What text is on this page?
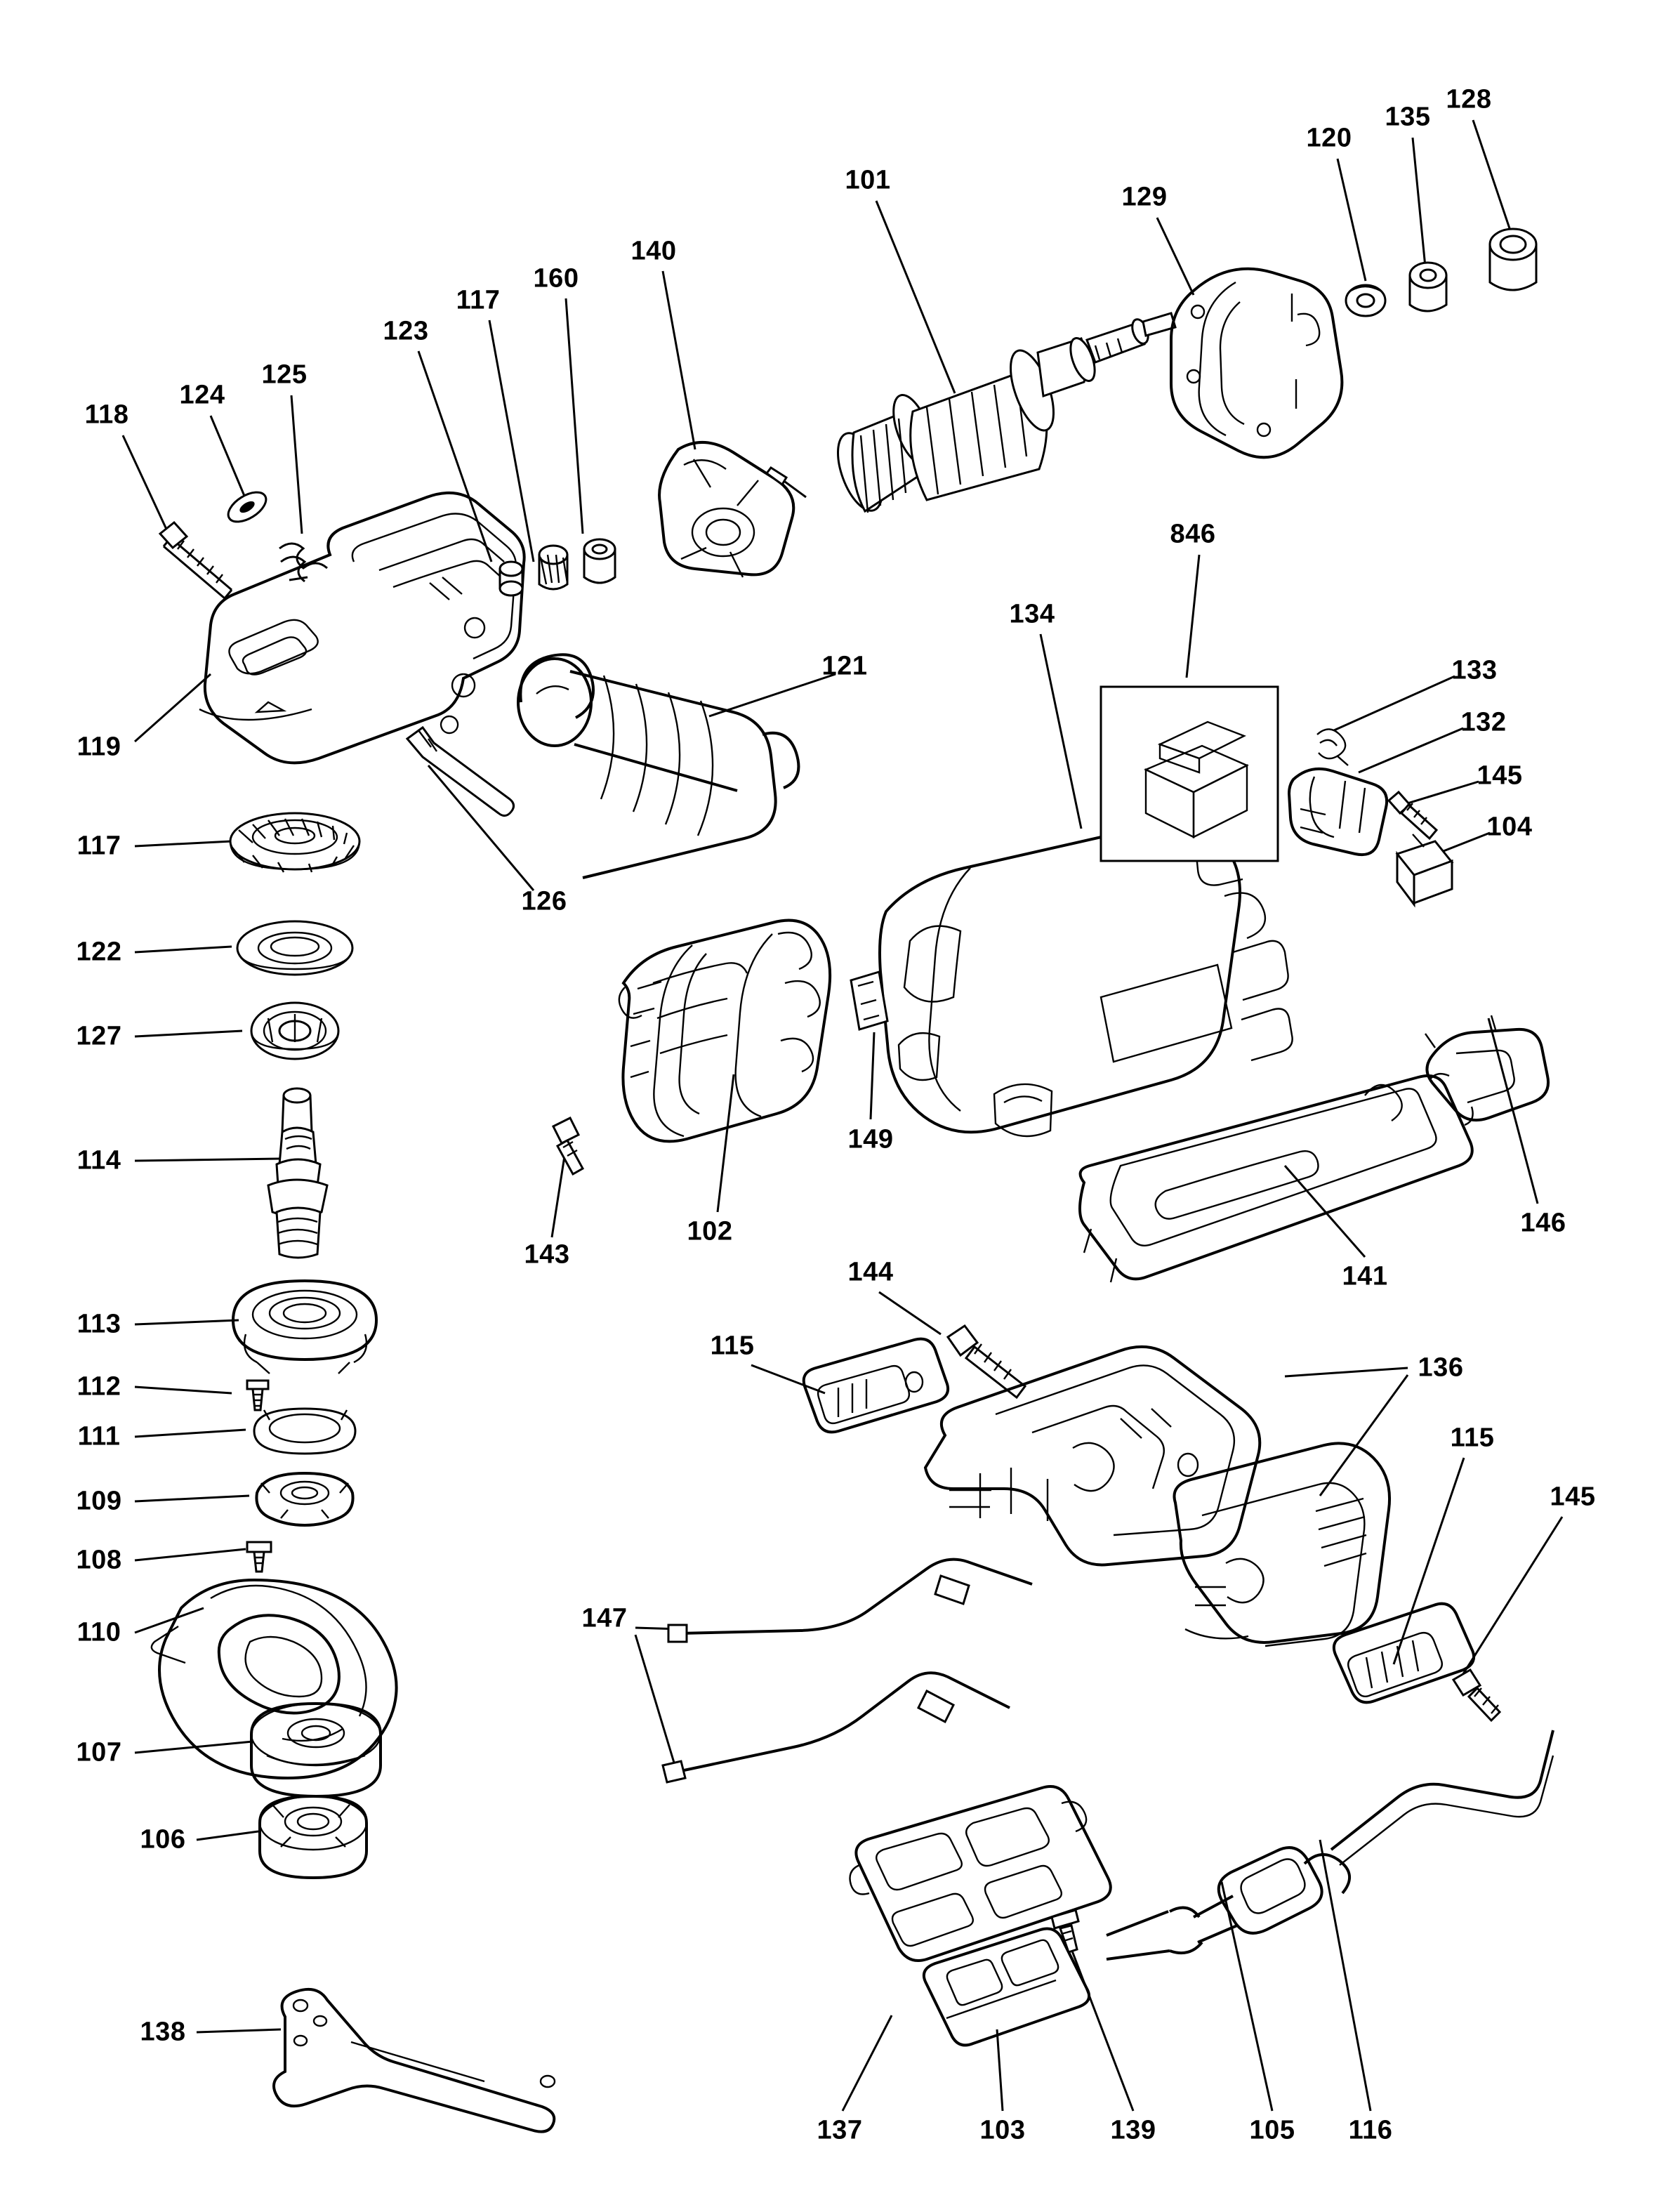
118
124
125
123
117
160
140
101
129
120
135
128
119
121
126
134
846
133
132
145
104
117
122
127
114
143
102
149
141
146
113
112
111
109
108
110
107
106
144
115
136
115
145
147
138
137	103	139	105 116
